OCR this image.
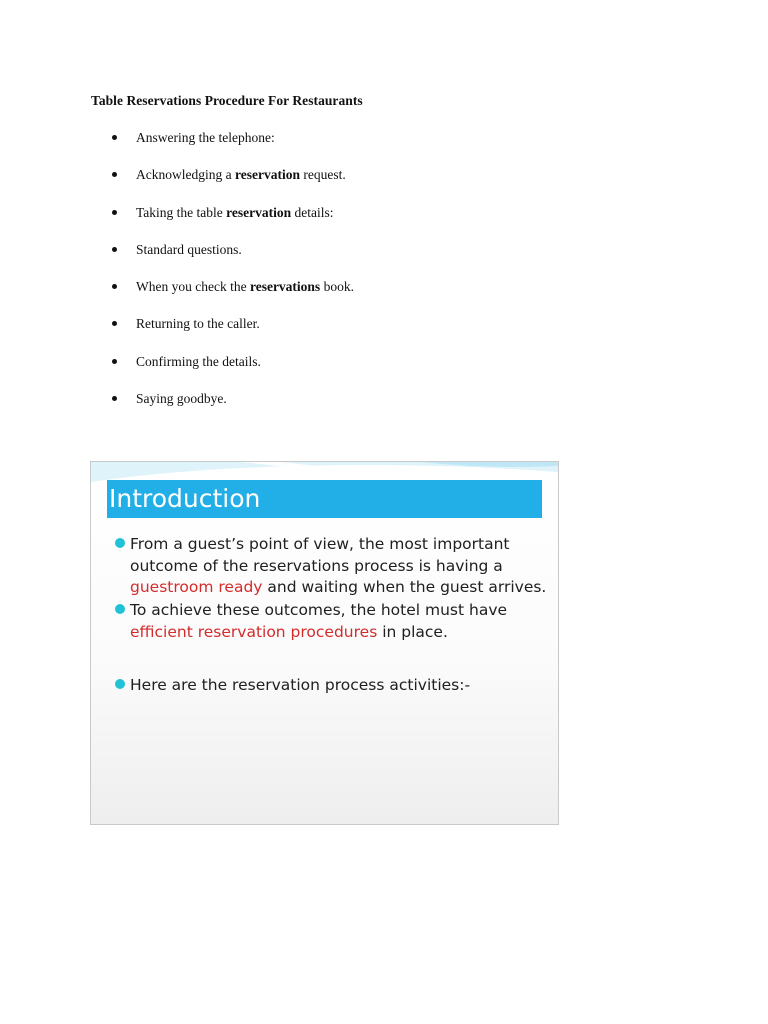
Table Reservations Procedure For Restaurants
Answering the telephone:
Acknowledging a reservation request.
Taking the table reservation details:
Standard questions.
When you check the reservations book.
Returning to the caller.
Confirming the details.
Saying goodbye.
Introduction
From a guest’s point of view, the most important
outcome of the reservations process is having a
guestroom ready and waiting when the guest arrives.
To achieve these outcomes, the hotel must have
efficient reservation procedures in place.
Here are the reservation process activities:-
